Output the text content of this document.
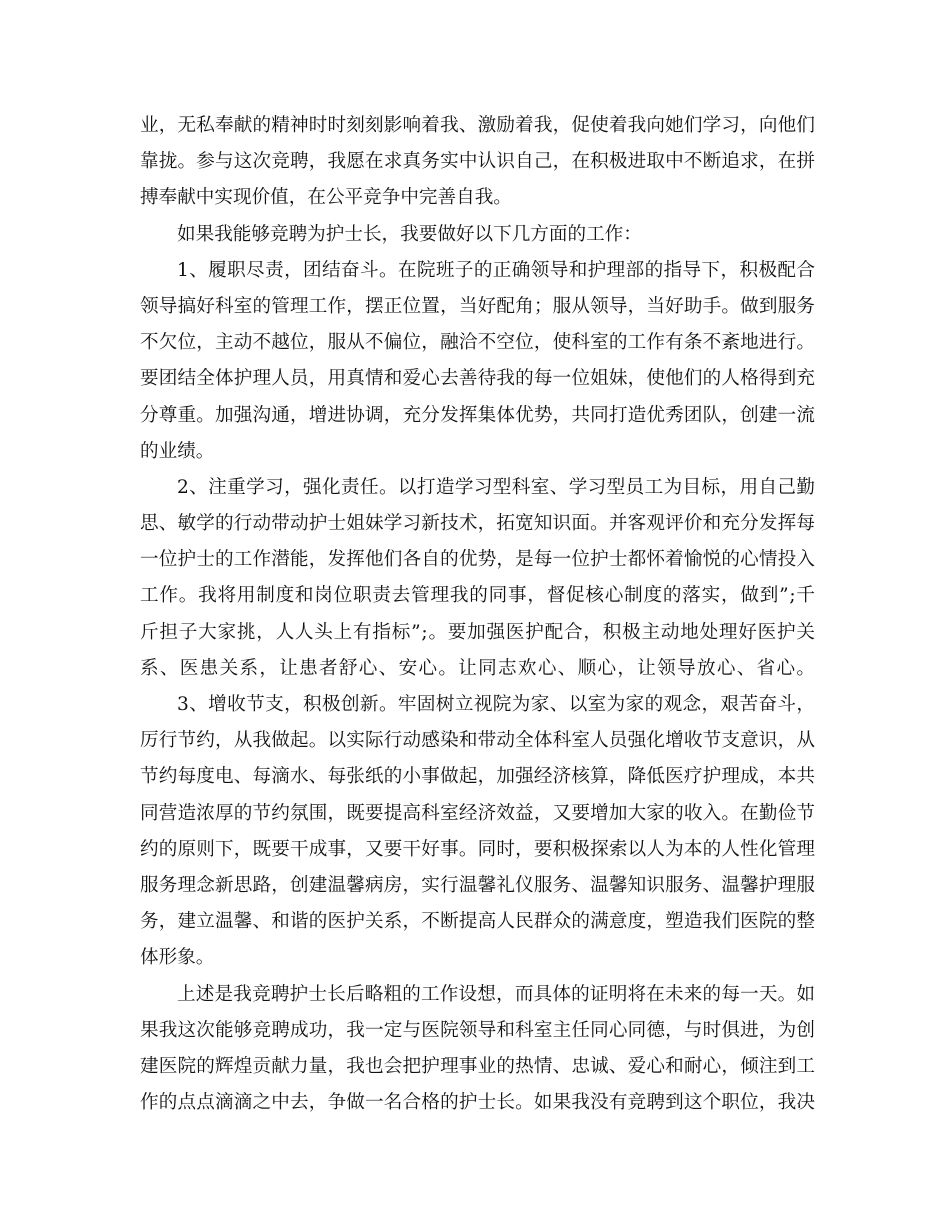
业，无私奉献的精神时时刻刻影响着我、激励着我，促使着我向她们学习，向他们
靠拢。参与这次竞聘，我愿在求真务实中认识自己，在积极进取中不断追求，在拼
搏奉献中实现价值，在公平竞争中完善自我。
如果我能够竞聘为护士长，我要做好以下几方面的工作：
1、履职尽责，团结奋斗。在院班子的正确领导和护理部的指导下，积极配合
领导搞好科室的管理工作，摆正位置，当好配角；服从领导，当好助手。做到服务
不欠位，主动不越位，服从不偏位，融洽不空位，使科室的工作有条不紊地进行。
要团结全体护理人员，用真情和爱心去善待我的每一位姐妹，使他们的人格得到充
分尊重。加强沟通，增进协调，充分发挥集体优势，共同打造优秀团队，创建一流
的业绩。
2、注重学习，强化责任。以打造学习型科室、学习型员工为目标，用自己勤
思、敏学的行动带动护士姐妹学习新技术，拓宽知识面。并客观评价和充分发挥每
一位护士的工作潜能，发挥他们各自的优势，是每一位护士都怀着愉悦的心情投入
工作。我将用制度和岗位职责去管理我的同事，督促核心制度的落实，做到”;千
斤担子大家挑，人人头上有指标”;。要加强医护配合，积极主动地处理好医护关
系、医患关系，让患者舒心、安心。让同志欢心、顺心，让领导放心、省心。
3、增收节支，积极创新。牢固树立视院为家、以室为家的观念，艰苦奋斗，
厉行节约，从我做起。以实际行动感染和带动全体科室人员强化增收节支意识，从
节约每度电、每滴水、每张纸的小事做起，加强经济核算，降低医疗护理成，本共
同营造浓厚的节约氛围，既要提高科室经济效益，又要增加大家的收入。在勤俭节
约的原则下，既要干成事，又要干好事。同时，要积极探索以人为本的人性化管理
服务理念新思路，创建温馨病房，实行温馨礼仪服务、温馨知识服务、温馨护理服
务，建立温馨、和谐的医护关系，不断提高人民群众的满意度，塑造我们医院的整
体形象。
上述是我竞聘护士长后略粗的工作设想，而具体的证明将在未来的每一天。如
果我这次能够竞聘成功，我一定与医院领导和科室主任同心同德，与时俱进，为创
建医院的辉煌贡献力量，我也会把护理事业的热情、忠诚、爱心和耐心，倾注到工
作的点点滴滴之中去，争做一名合格的护士长。如果我没有竞聘到这个职位，我决
